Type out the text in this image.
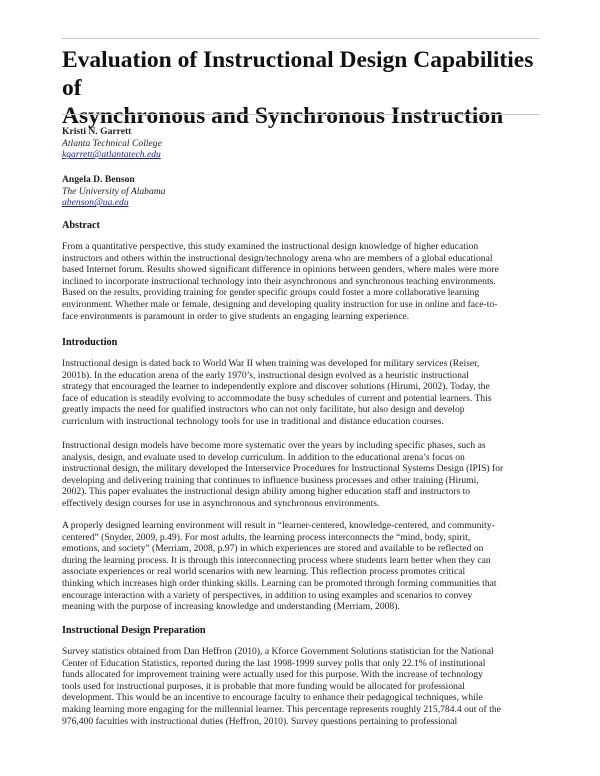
Evaluation of Instructional Design Capabilities of
Asynchronous and Synchronous Instruction
Kristi N. Garrett
Atlanta Technical College
kgarrett@atlantatech.edu
Angela D. Benson
The University of Alabama
abenson@ua.edu
Abstract

From a quantitative perspective, this study examined the instructional design knowledge of higher education
instructors and others within the instructional design/technology arena who are members of a global educational
based Internet forum. Results showed significant difference in opinions between genders, where males were more
inclined to incorporate instructional technology into their asynchronous and synchronous teaching environments.
Based on the results, providing training for gender specific groups could foster a more collaborative learning
environment. Whether male or female, designing and developing quality instruction for use in online and face-to-
face environments is paramount in order to give students an engaging learning experience.

Introduction

Instructional design is dated back to World War II when training was developed for military services (Reiser,
2001b). In the education arena of the early 1970’s, instructional design evolved as a heuristic instructional
strategy that encouraged the learner to independently explore and discover solutions (Hirumi, 2002). Today, the
face of education is steadily evolving to accommodate the busy schedules of current and potential learners. This
greatly impacts the need for qualified instructors who can not only facilitate, but also design and develop
curriculum with instructional technology tools for use in traditional and distance education courses.

Instructional design models have become more systematic over the years by including specific phases, such as
analysis, design, and evaluate used to develop curriculum. In addition to the educational arena’s focus on
instructional design, the military developed the Interservice Procedures for Instructional Systems Design (IPIS) for
developing and delivering training that continues to influence business processes and other training (Hirumi,
2002). This paper evaluates the instructional design ability among higher education staff and instructors to
effectively design courses for use in asynchronous and synchronous environments.

A properly designed learning environment will result in “learner-centered, knowledge-centered, and community-
centered” (Snyder, 2009, p.49). For most adults, the learning process interconnects the “mind, body, spirit,
emotions, and society” (Merriam, 2008, p.97) in which experiences are stored and available to be reflected on
during the learning process. It is through this interconnecting process where students learn better when they can
associate experiences or real world scenarios with new learning. This reflection process promotes critical
thinking which increases high order thinking skills. Learning can be promoted through forming communities that
encourage interaction with a variety of perspectives, in addition to using examples and scenarios to convey
meaning with the purpose of increasing knowledge and understanding (Merriam, 2008).

Instructional Design Preparation

Survey statistics obtained from Dan Heffron (2010), a Kforce Government Solutions statistician for the National
Center of Education Statistics, reported during the last 1998-1999 survey polls that only 22.1% of institutional
funds allocated for improvement training were actually used for this purpose. With the increase of technology
tools used for instructional purposes, it is probable that more funding would be allocated for professional
development. This would be an incentive to encourage faculty to enhance their pedagogical techniques, while
making learning more engaging for the millennial learner. This percentage represents roughly 215,784.4 out of the
976,400 faculties with instructional duties (Heffron, 2010). Survey questions pertaining to professional
